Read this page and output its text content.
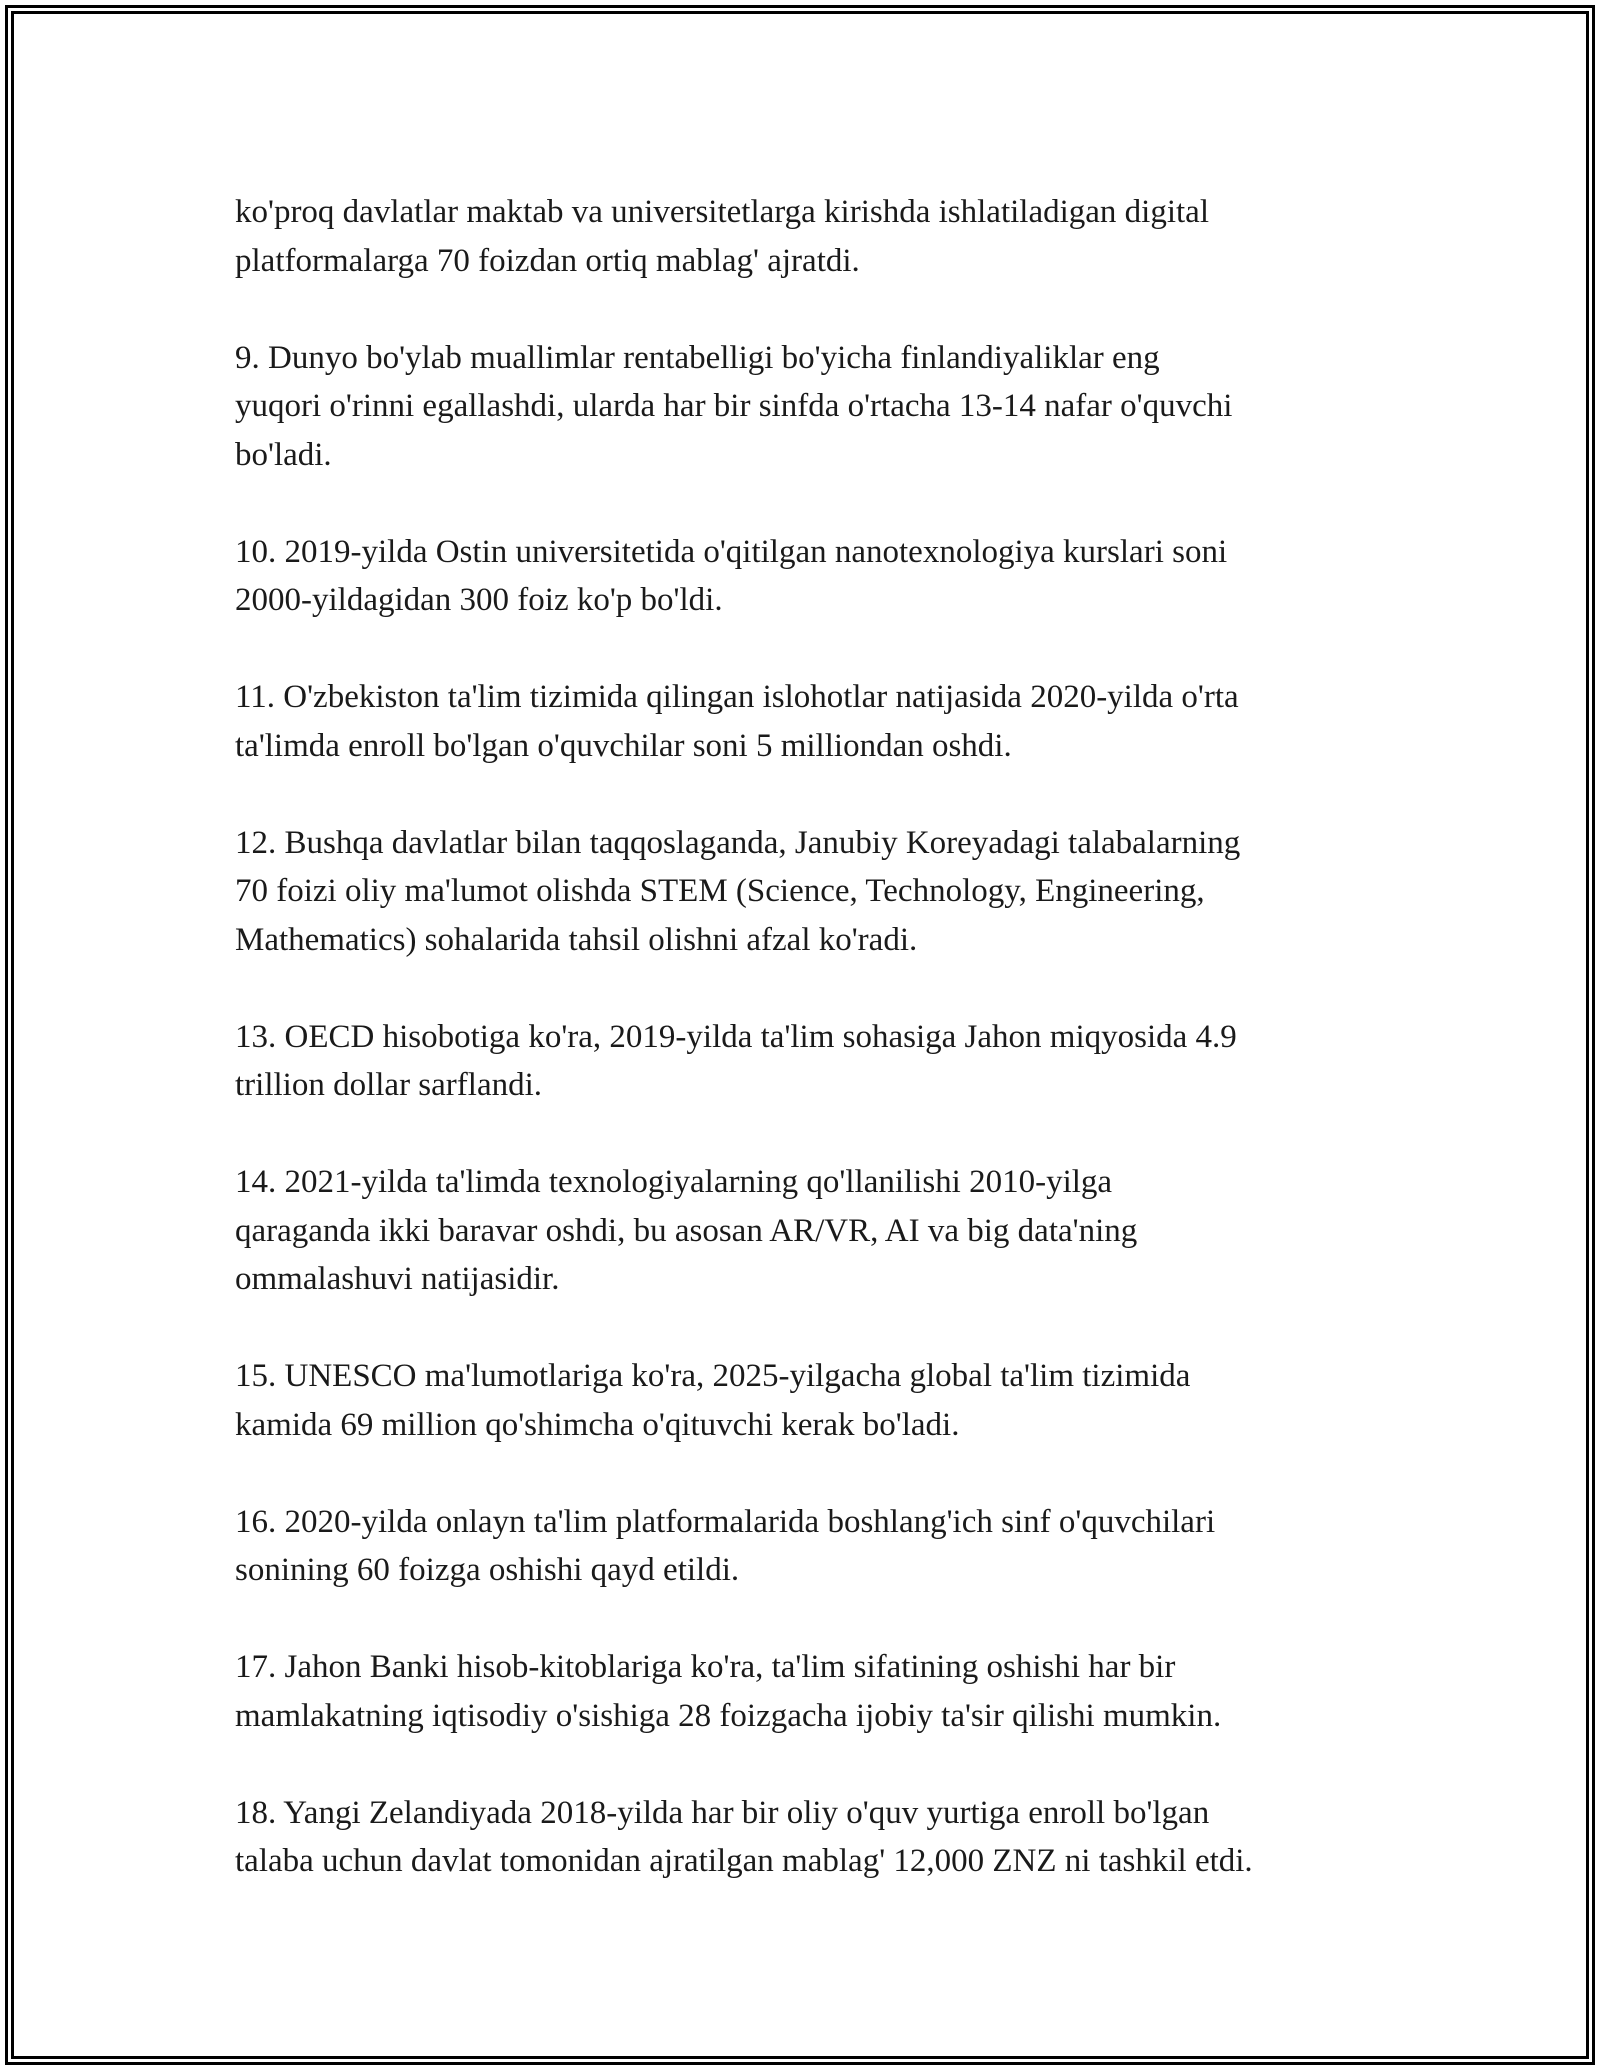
ko'proq davlatlar maktab va universitetlarga kirishda ishlatiladigan digital
platformalarga 70 foizdan ortiq mablag' ajratdi.

9. Dunyo bo'ylab muallimlar rentabelligi bo'yicha finlandiyaliklar eng
yuqori o'rinni egallashdi, ularda har bir sinfda o'rtacha 13-14 nafar o'quvchi
bo'ladi.

10. 2019-yilda Ostin universitetida o'qitilgan nanotexnologiya kurslari soni
2000-yildagidan 300 foiz ko'p bo'ldi.

11. O'zbekiston ta'lim tizimida qilingan islohotlar natijasida 2020-yilda o'rta
ta'limda enroll bo'lgan o'quvchilar soni 5 milliondan oshdi.

12. Bushqa davlatlar bilan taqqoslaganda, Janubiy Koreyadagi talabalarning
70 foizi oliy ma'lumot olishda STEM (Science, Technology, Engineering,
Mathematics) sohalarida tahsil olishni afzal ko'radi.

13. OECD hisobotiga ko'ra, 2019-yilda ta'lim sohasiga Jahon miqyosida 4.9
trillion dollar sarflandi.

14. 2021-yilda ta'limda texnologiyalarning qo'llanilishi 2010-yilga
qaraganda ikki baravar oshdi, bu asosan AR/VR, AI va big data'ning
ommalashuvi natijasidir.

15. UNESCO ma'lumotlariga ko'ra, 2025-yilgacha global ta'lim tizimida
kamida 69 million qo'shimcha o'qituvchi kerak bo'ladi.

16. 2020-yilda onlayn ta'lim platformalarida boshlang'ich sinf o'quvchilari
sonining 60 foizga oshishi qayd etildi.

17. Jahon Banki hisob-kitoblariga ko'ra, ta'lim sifatining oshishi har bir
mamlakatning iqtisodiy o'sishiga 28 foizgacha ijobiy ta'sir qilishi mumkin.

18. Yangi Zelandiyada 2018-yilda har bir oliy o'quv yurtiga enroll bo'lgan
talaba uchun davlat tomonidan ajratilgan mablag' 12,000 ZNZ ni tashkil etdi.
